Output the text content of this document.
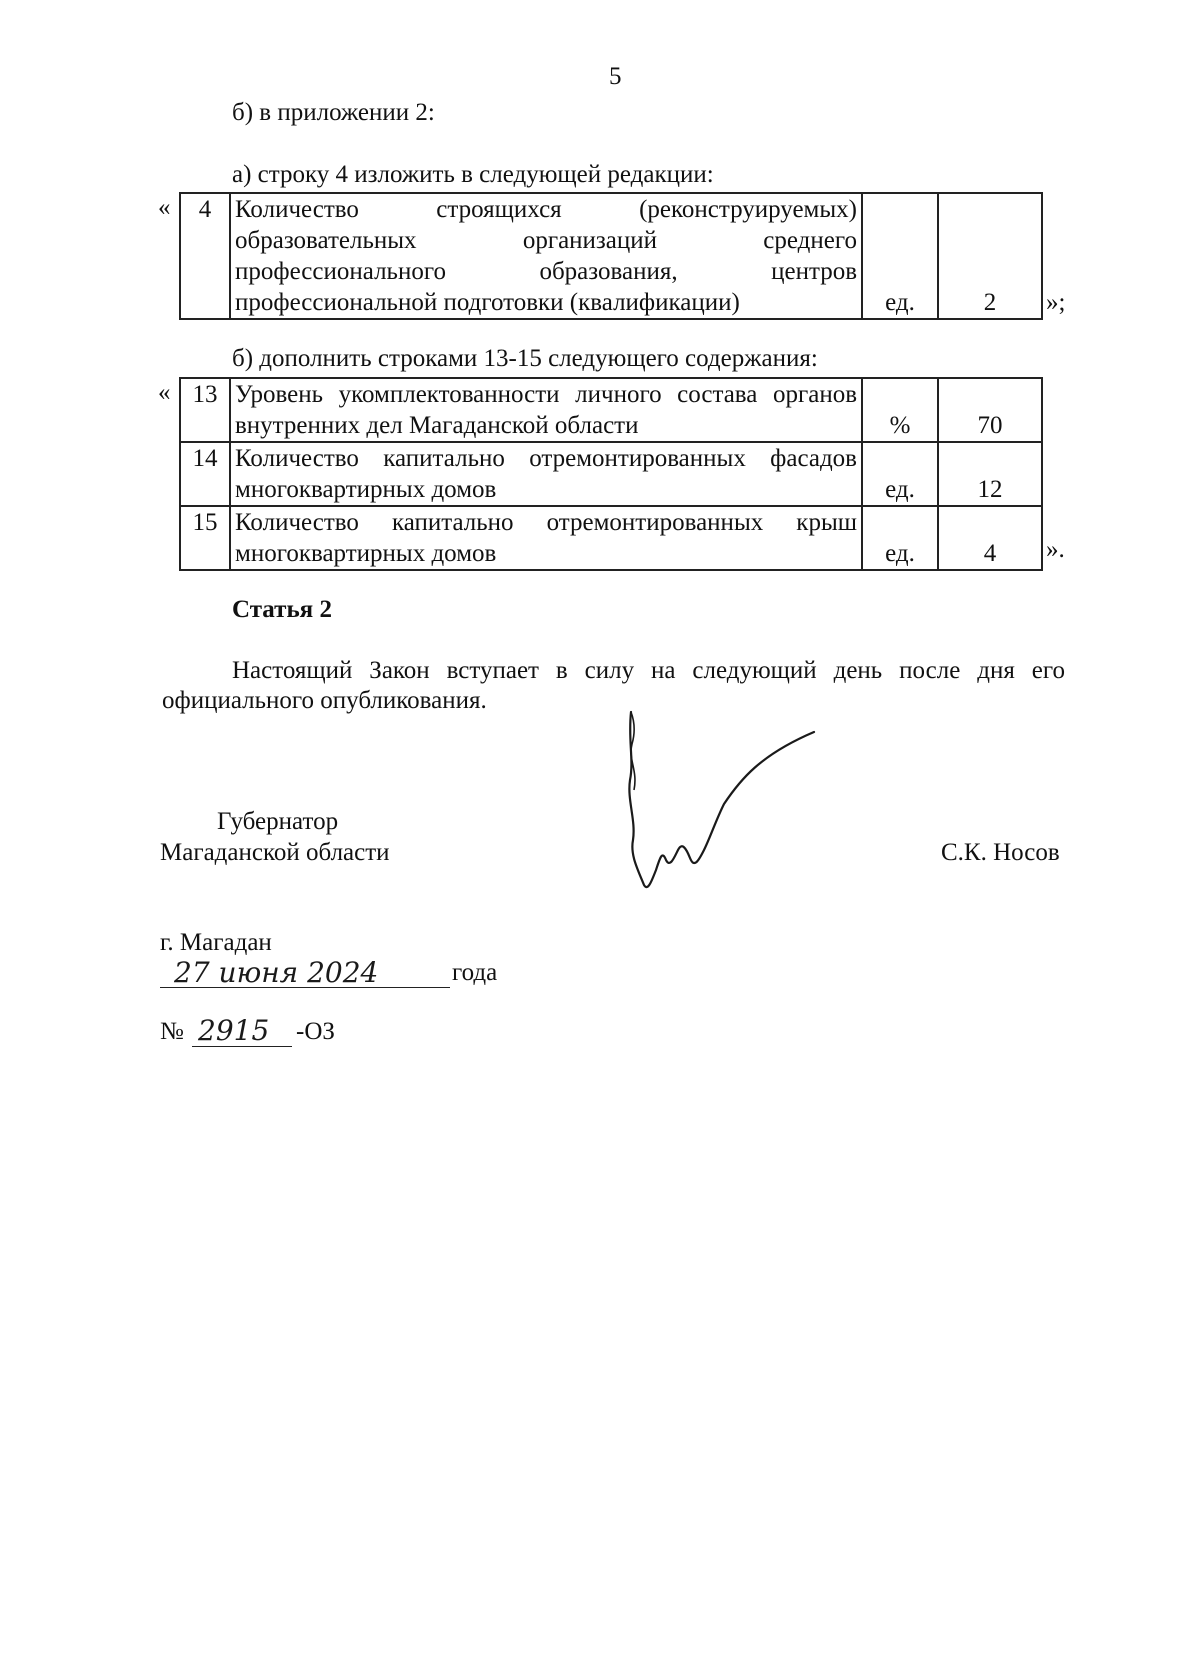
5
б) в приложении 2:
а) строку 4 изложить в следующей редакции:
« 4	Количество строящихся (реконструируемых) образовательных организаций среднего профессионального образования, центров профессиональной подготовки (квалификации)	ед.	2 »;
б) дополнить строками 13-15 следующего содержания:
« 13	Уровень укомплектованности личного состава органов внутренних дел Магаданской области	%	70
14	Количество капитально отремонтированных фасадов многоквартирных домов	ед.	12
15	Количество капитально отремонтированных крыш многоквартирных домов	ед.	4 ».
Статья 2
Настоящий Закон вступает в силу на следующий день после дня его
официального опубликования.
Губернатор
Магаданской области	С.К. Носов
г. Магадан
27 июня 2024	года
№ 2915 -ОЗ
